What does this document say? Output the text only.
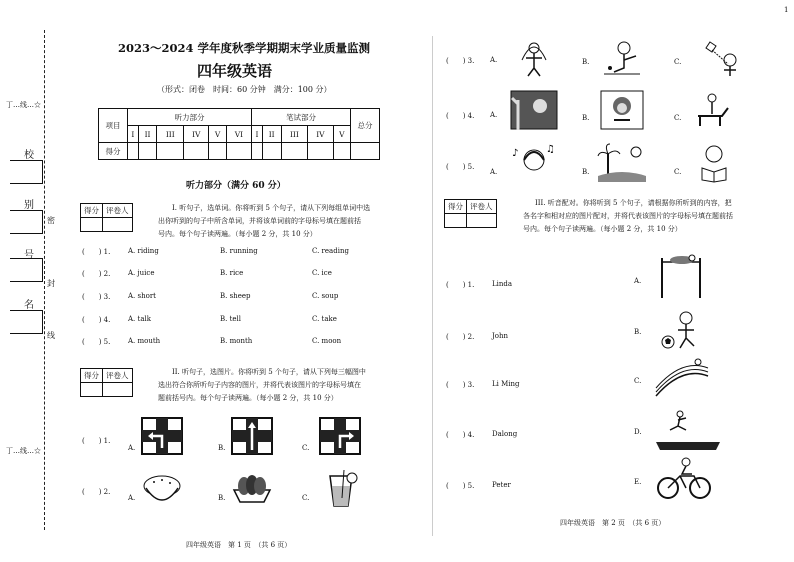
丁…线…☆
丁…线…☆
校
别
号
名
密
封
线
2023～2024 学年度秋季学期期末学业质量监测
四年级英语
（形式：闭卷　时间：60 分钟　满分：100 分）
项目	听力部分						笔试部分					总分
	I	II	III	IV	V	VI	I	II	III	IV	V	
得分												
听力部分（满分 60 分）
得分	评卷人
		I. 听句子，选单词。你将听到 5 个句子，请从下列每组单词中选
出你听到的句子中所含单词，并将该单词前的字母标号填在题前括
号内。每个句子读两遍。（每小题 2 分，共 10 分）
(　　) 1.	A. riding	B. running	C. reading
(　　) 2.	A. juice	B. rice	C. ice
(　　) 3.	A. short	B. sheep	C. soup
(　　) 4.	A. talk	B. tell	C. take
(　　) 5.	A. mouth	B. month	C. moon
得分	评卷人
		II. 听句子，选图片。你将听到 5 个句子，请从下列每三幅图中
选出符合你所听句子内容的图片，并将代表该图片的字母标号填在
题前括号内。每个句子读两遍。（每小题 2 分，共 10 分）
(　　) 1.
A.	B.	C.
(　　) 2.
A.	B.	C.
四年级英语　第 1 页　（共 6 页）
1
(　　) 3. A.	B.	C.
(　　) 4. A.	B.	C.
(　　) 5.
A.	B.	C.
♪	♫
得分	评卷人
		III. 听音配对。你将听到 5 个句子，请根据你所听到的内容，把
各名字和相对应的图片配对，并将代表该图片的字母标号填在题前括
号内。每个句子读两遍。（每小题 2 分，共 10 分）
(　　) 1.	Linda	A.
(　　) 2.	John	B.
(　　) 3.	Li Ming	C.
(　　) 4.	Dalong	D.
(　　) 5.	Peter	E.
四年级英语　第 2 页　（共 6 页）
